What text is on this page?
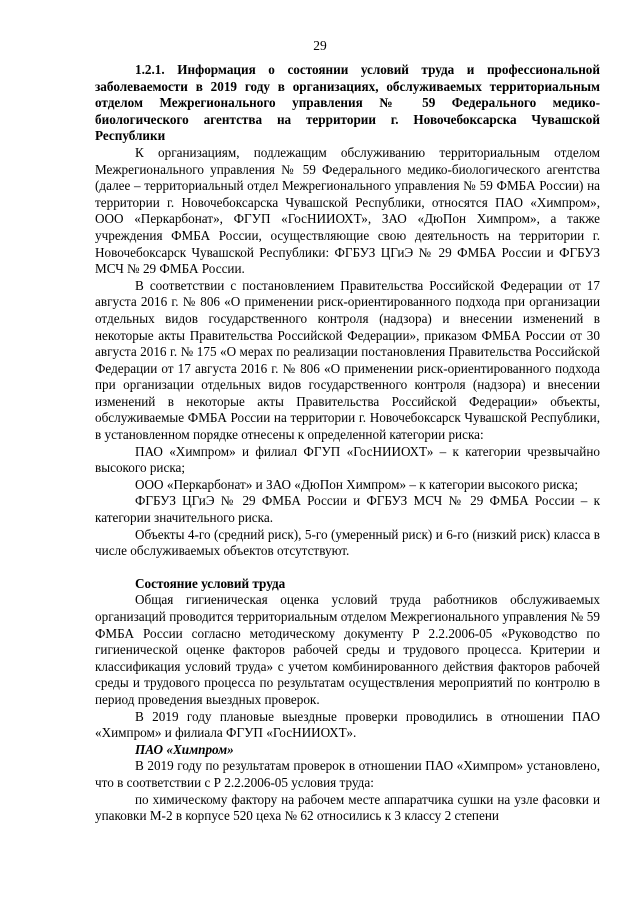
29

1.2.1. Информация о состоянии условий труда и профессиональной заболеваемости в 2019 году в организациях, обслуживаемых территориальным отделом Межрегионального управления № 59 Федерального медико-биологического агентства на территории г. Новочебоксарска Чувашской Республики

К организациям, подлежащим обслуживанию территориальным отделом Межрегионального управления № 59 Федерального медико-биологического агентства (далее – территориальный отдел Межрегионального управления № 59 ФМБА России) на территории г. Новочебоксарска Чувашской Республики, относятся ПАО «Химпром», ООО «Перкарбонат», ФГУП «ГосНИИОХТ», ЗАО «ДюПон Химпром», а также учреждения ФМБА России, осуществляющие свою деятельность на территории г. Новочебоксарск Чувашской Республики: ФГБУЗ ЦГиЭ № 29 ФМБА России и ФГБУЗ МСЧ № 29 ФМБА России.

В соответствии с постановлением Правительства Российской Федерации от 17 августа 2016 г. № 806 «О применении риск-ориентированного подхода при организации отдельных видов государственного контроля (надзора) и внесении изменений в некоторые акты Правительства Российской Федерации», приказом ФМБА России от 30 августа 2016 г. № 175 «О мерах по реализации постановления Правительства Российской Федерации от 17 августа 2016 г. № 806 «О применении риск-ориентированного подхода при организации отдельных видов государственного контроля (надзора) и внесении изменений в некоторые акты Правительства Российской Федерации» объекты, обслуживаемые ФМБА России на территории г. Новочебоксарск Чувашской Республики, в установленном порядке отнесены к определенной категории риска:

ПАО «Химпром» и филиал ФГУП «ГосНИИОХТ» – к категории чрезвычайно высокого риска;

ООО «Перкарбонат» и ЗАО «ДюПон Химпром» – к категории высокого риска;

ФГБУЗ ЦГиЭ № 29 ФМБА России и ФГБУЗ МСЧ № 29 ФМБА России – к категории значительного риска.

Объекты 4-го (средний риск), 5-го (умеренный риск) и 6-го (низкий риск) класса в числе обслуживаемых объектов отсутствуют.

Состояние условий труда

Общая гигиеническая оценка условий труда работников обслуживаемых организаций проводится территориальным отделом Межрегионального управления № 59 ФМБА России согласно методическому документу Р 2.2.2006-05 «Руководство по гигиенической оценке факторов рабочей среды и трудового процесса. Критерии и классификация условий труда» с учетом комбинированного действия факторов рабочей среды и трудового процесса по результатам осуществления мероприятий по контролю в период проведения выездных проверок.

В 2019 году плановые выездные проверки проводились в отношении ПАО «Химпром» и филиала ФГУП «ГосНИИОХТ».

ПАО «Химпром»

В 2019 году по результатам проверок в отношении ПАО «Химпром» установлено, что в соответствии с Р 2.2.2006-05 условия труда:

по химическому фактору на рабочем месте аппаратчика сушки на узле фасовки и упаковки М-2 в корпусе 520 цеха № 62 относились к 3 классу 2 степени
